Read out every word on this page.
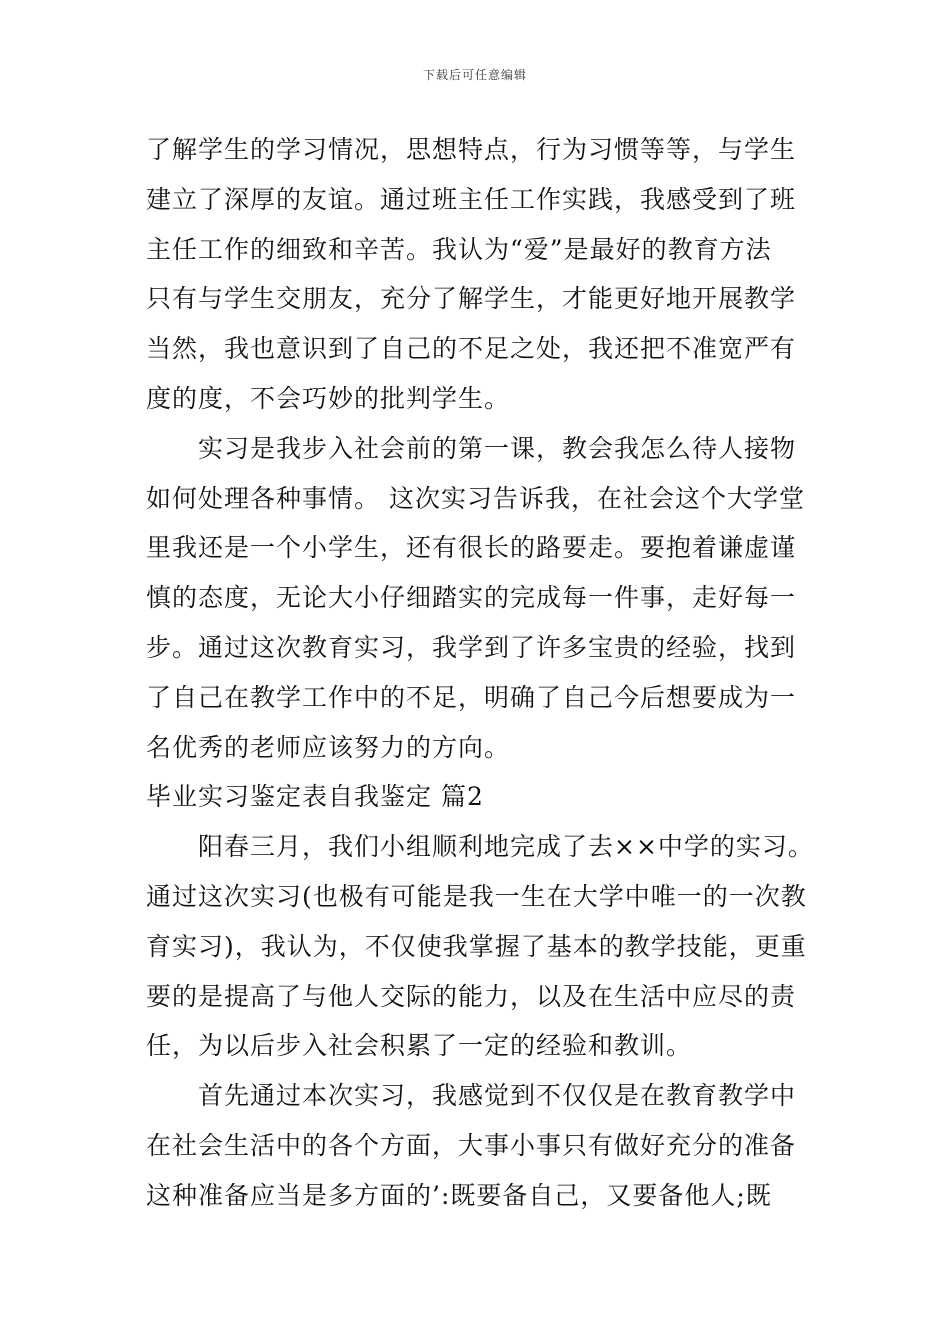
下载后可任意编辑
了解学生的学习情况，思想特点，行为习惯等等，与学生
建立了深厚的友谊。通过班主任工作实践，我感受到了班
主任工作的细致和辛苦。我认为“爱”是最好的教育方法
只有与学生交朋友，充分了解学生，才能更好地开展教学
当然，我也意识到了自己的不足之处，我还把不准宽严有
度的度，不会巧妙的批判学生。
实习是我步入社会前的第一课，教会我怎么待人接物
如何处理各种事情。 这次实习告诉我，在社会这个大学堂
里我还是一个小学生，还有很长的路要走。要抱着谦虚谨
慎的态度，无论大小仔细踏实的完成每一件事，走好每一
步。通过这次教育实习，我学到了许多宝贵的经验，找到
了自己在教学工作中的不足，明确了自己今后想要成为一
名优秀的老师应该努力的方向。
毕业实习鉴定表自我鉴定 篇2
阳春三月，我们小组顺利地完成了去××中学的实习。
通过这次实习(也极有可能是我一生在大学中唯一的一次教
育实习)，我认为，不仅使我掌握了基本的教学技能，更重
要的是提高了与他人交际的能力，以及在生活中应尽的责
任，为以后步入社会积累了一定的经验和教训。
首先通过本次实习，我感觉到不仅仅是在教育教学中
在社会生活中的各个方面，大事小事只有做好充分的准备
这种准备应当是多方面的’:既要备自己，又要备他人;既
